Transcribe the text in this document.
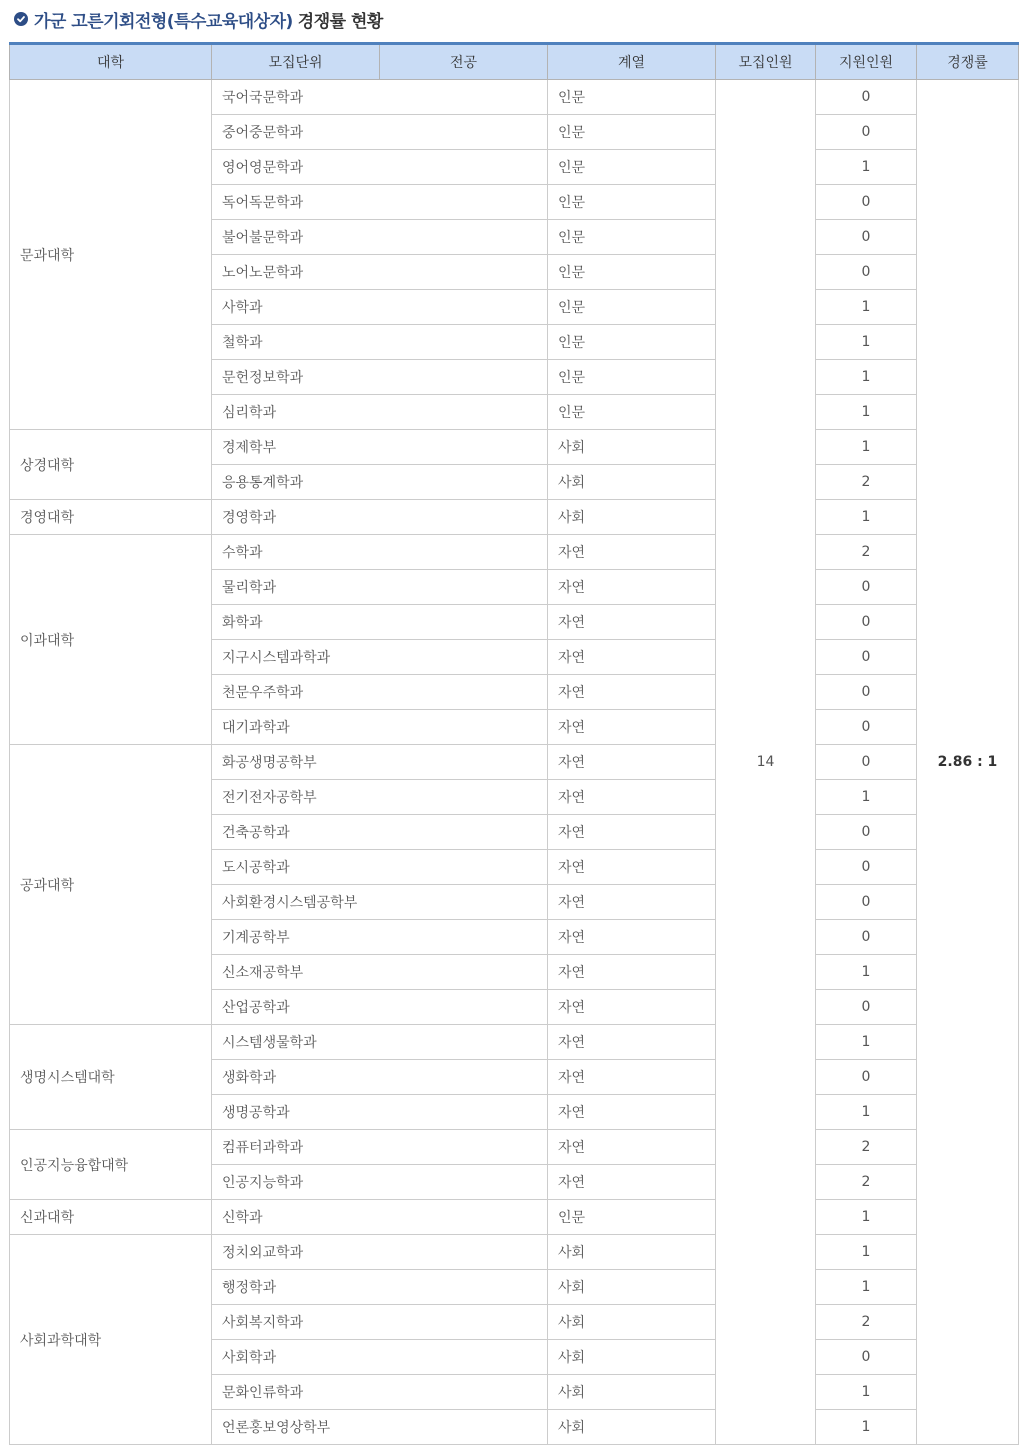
가군 고른기회전형(특수교육대상자) 경쟁률 현황
대학	모집단위	전공	계열	모집인원	지원인원	경쟁률
문과대학	국어국문학과		인문	14	0	2.86 : 1
	중어중문학과		인문		0	
	영어영문학과		인문		1	
	독어독문학과		인문		0	
	불어불문학과		인문		0	
	노어노문학과		인문		0	
	사학과		인문		1	
	철학과		인문		1	
	문헌정보학과		인문		1	
	심리학과		인문		1	
상경대학	경제학부		사회		1	
	응용통계학과		사회		2	
경영대학	경영학과		사회		1	
이과대학	수학과		자연		2	
	물리학과		자연		0	
	화학과		자연		0	
	지구시스템과학과		자연		0	
	천문우주학과		자연		0	
	대기과학과		자연		0	
공과대학	화공생명공학부		자연		0	
	전기전자공학부		자연		1	
	건축공학과		자연		0	
	도시공학과		자연		0	
	사회환경시스템공학부		자연		0	
	기계공학부		자연		0	
	신소재공학부		자연		1	
	산업공학과		자연		0	
생명시스템대학	시스템생물학과		자연		1	
	생화학과		자연		0	
	생명공학과		자연		1	
인공지능융합대학	컴퓨터과학과		자연		2	
	인공지능학과		자연		2	
신과대학	신학과		인문		1	
사회과학대학	정치외교학과		사회		1	
	행정학과		사회		1	
	사회복지학과		사회		2	
	사회학과		사회		0	
	문화인류학과		사회		1	
	언론홍보영상학부		사회		1	
